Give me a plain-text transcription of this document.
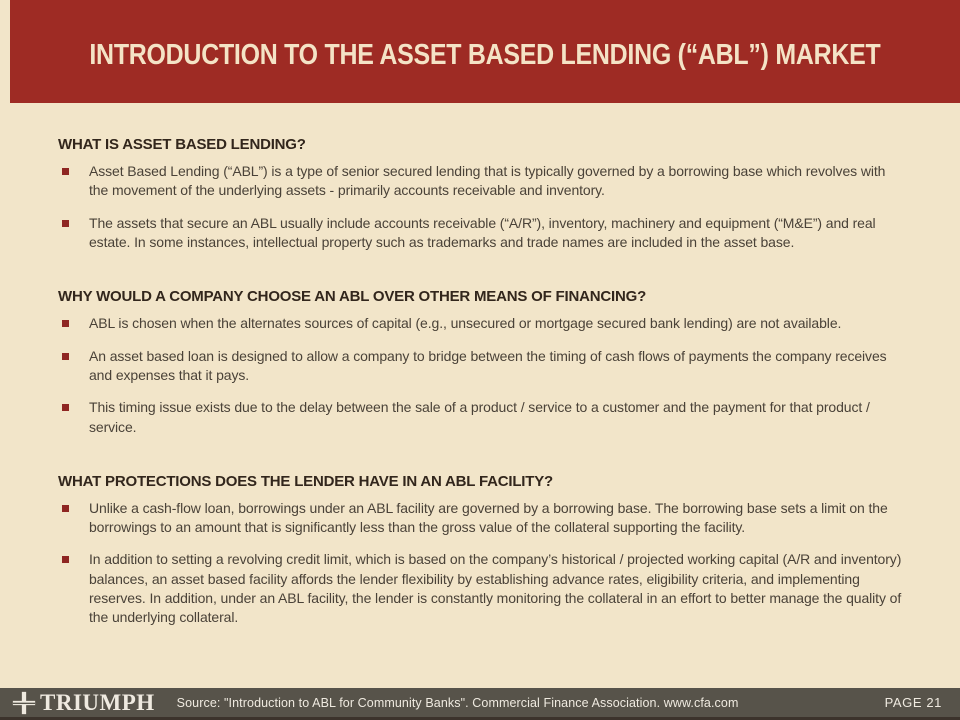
INTRODUCTION TO THE ASSET BASED LENDING (“ABL”) MARKET
WHAT IS ASSET BASED LENDING?
Asset Based Lending (“ABL”) is a type of senior secured lending that is typically governed by a borrowing base which revolves with the movement of the underlying assets - primarily accounts receivable and inventory.
The assets that secure an ABL usually include accounts receivable (“A/R”), inventory, machinery and equipment (“M&E”) and real estate. In some instances, intellectual property such as trademarks and trade names are included in the asset base.
WHY WOULD A COMPANY CHOOSE AN ABL OVER OTHER MEANS OF FINANCING?
ABL is chosen when the alternates sources of capital (e.g., unsecured or mortgage secured bank lending) are not available.
An asset based loan is designed to allow a company to bridge between the timing of cash flows of payments the company receives and expenses that it pays.
This timing issue exists due to the delay between the sale of a product / service to a customer and the payment for that product / service.
WHAT PROTECTIONS DOES THE LENDER HAVE IN AN ABL FACILITY?
Unlike a cash-flow loan, borrowings under an ABL facility are governed by a borrowing base. The borrowing base sets a limit on the borrowings to an amount that is significantly less than the gross value of the collateral supporting the facility.
In addition to setting a revolving credit limit, which is based on the company’s historical / projected working capital (A/R and inventory) balances, an asset based facility affords the lender flexibility by establishing advance rates, eligibility criteria, and implementing reserves. In addition, under an ABL facility, the lender is constantly monitoring the collateral in an effort to better manage the quality of the underlying collateral.
TRIUMPH Source: "Introduction to ABL for Community Banks". Commercial Finance Association. www.cfa.com	PAGE 21
